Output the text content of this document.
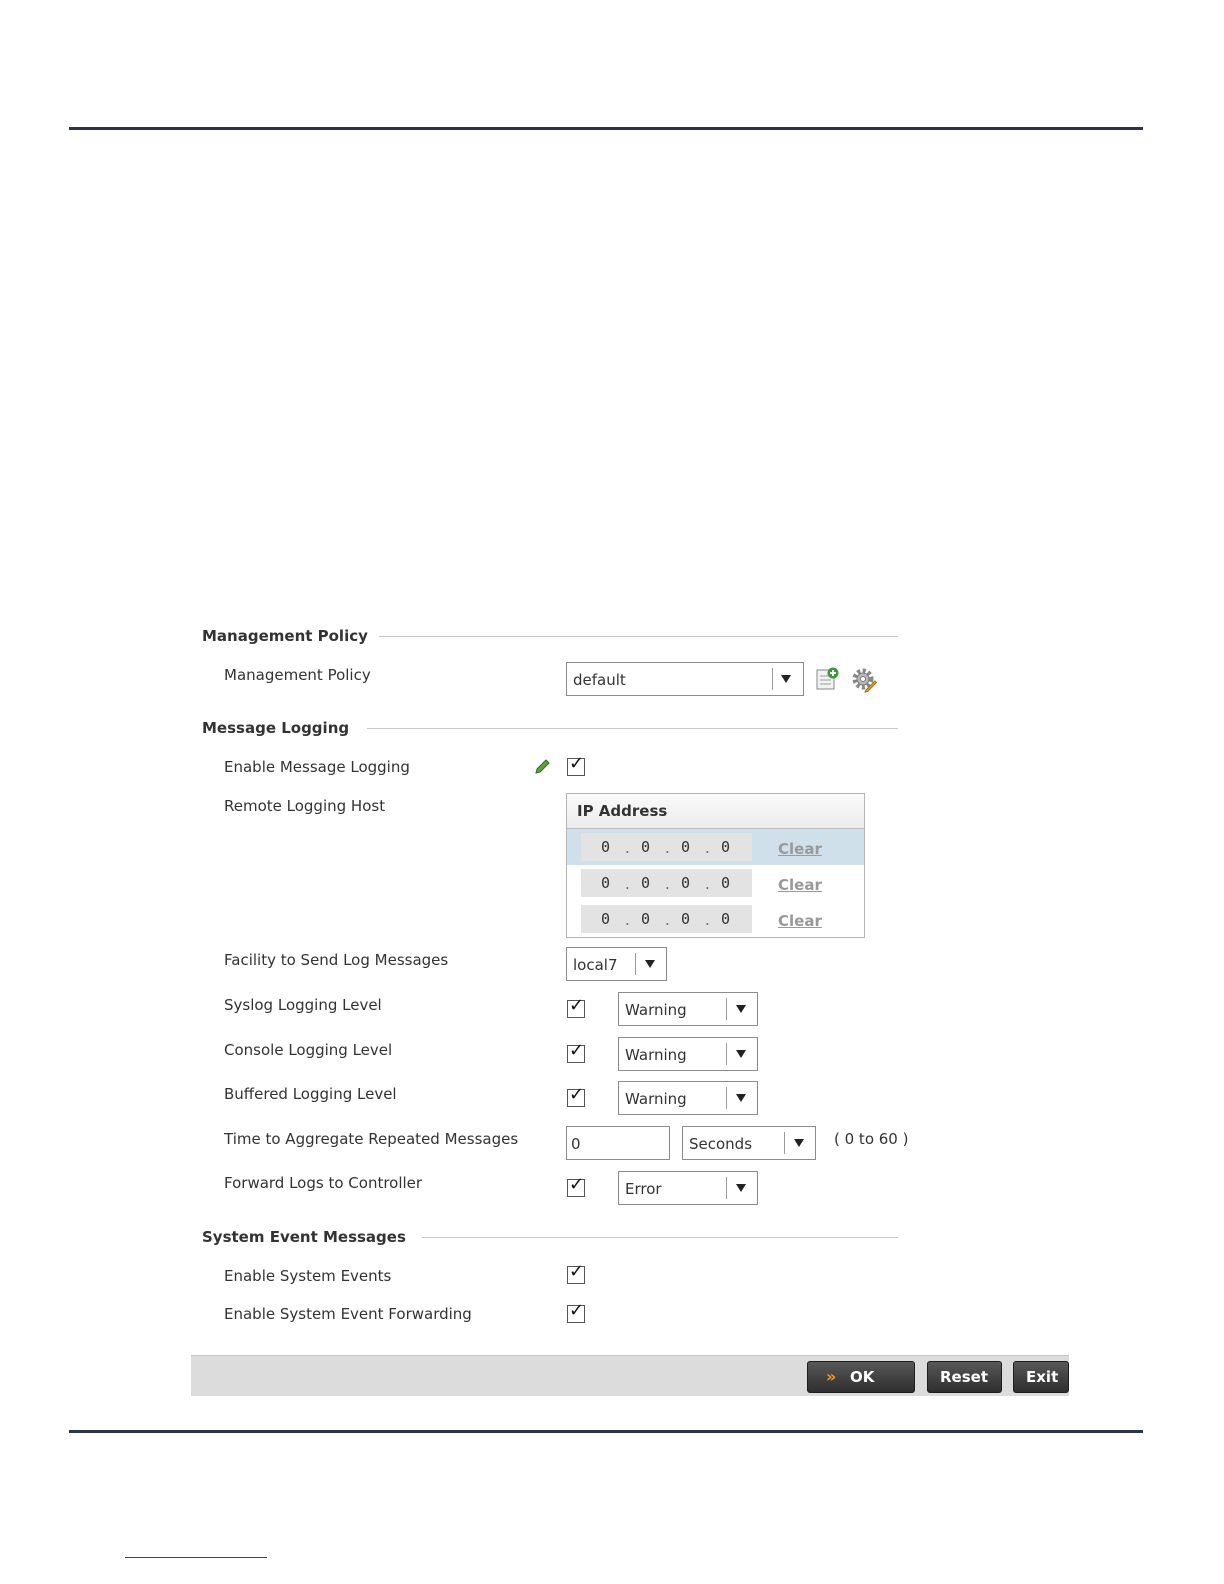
Management Policy
Management Policy	default
Message Logging
Enable Message Logging	✓
Remote Logging Host	IP Address
0 . 0 . 0 . 0	Clear
0 . 0 . 0 . 0	Clear
0 . 0 . 0 . 0	Clear
Facility to Send Log Messages	local7
Syslog Logging Level	✓	Warning
Console Logging Level	✓	Warning
Buffered Logging Level	✓	Warning
Time to Aggregate Repeated Messages	0	Seconds	( 0 to 60 )
Forward Logs to Controller	✓	Error
System Event Messages
Enable System Events	✓
Enable System Event Forwarding	✓
» OK	Reset	Exit
